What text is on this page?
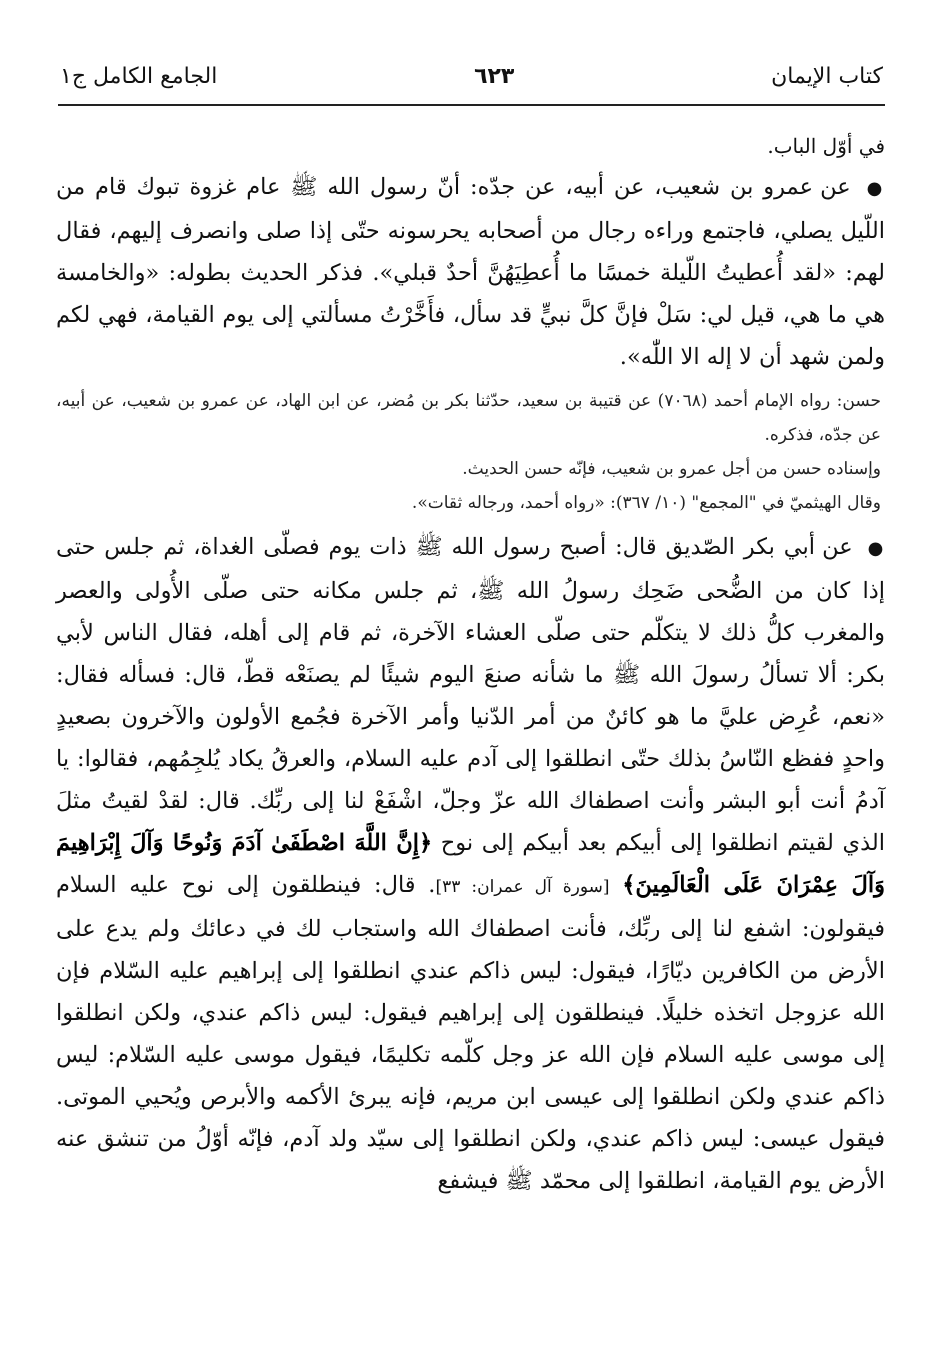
كتاب الإيمان
٦٢٣
الجامع الكامل ج١

في أوّل الباب.

● عن عمرو بن شعيب، عن أبيه، عن جدّه: أنّ رسول الله ﷺ عام غزوة تبوك قام من اللّيل يصلي، فاجتمع وراءه رجال من أصحابه يحرسونه حتّى إذا صلى وانصرف إليهم، فقال لهم: «لقد أُعطيتُ اللّيلة خمسًا ما أُعطِيَهُنَّ أحدٌ قبلي». فذكر الحديث بطوله: «والخامسة هي ما هي، قيل لي: سَلْ فإنَّ كلَّ نبيٍّ قد سأل، فأَخَّرْتُ مسألتي إلى يوم القيامة، فهي لكم ولمن شهد أن لا إله الا اللّٰه».

حسن: رواه الإمام أحمد (٧٠٦٨) عن قتيبة بن سعيد، حدّثنا بكر بن مُضر، عن ابن الهاد، عن عمرو بن شعيب، عن أبيه، عن جدّه، فذكره.

وإسناده حسن من أجل عمرو بن شعيب، فإنّه حسن الحديث.

وقال الهيثميّ في "المجمع" (١٠/ ٣٦٧): «رواه أحمد، ورجاله ثقات».

● عن أبي بكر الصّديق قال: أصبح رسول الله ﷺ ذات يوم فصلّى الغداة، ثم جلس حتى إذا كان من الضُّحى ضَحِك رسولُ الله ﷺ، ثم جلس مكانه حتى صلّى الأُولى والعصر والمغرب كلُّ ذلك لا يتكلّم حتى صلّى العشاء الآخرة، ثم قام إلى أهله، فقال الناس لأبي بكر: ألا تسألُ رسولَ الله ﷺ ما شأنه صنعَ اليوم شيئًا لم يصنَعْه قطّ، قال: فسأله فقال: «نعم، عُرِض عليَّ ما هو كائنٌ من أمر الدّنيا وأمر الآخرة فجُمع الأولون والآخرون بصعيدٍ واحدٍ ففظع النّاسُ بذلك حتّى انطلقوا إلى آدم عليه السلام، والعرقُ يكاد يُلجِمُهم، فقالوا: يا آدمُ أنت أبو البشر وأنت اصطفاك الله عزّ وجلّ، اشْفَعْ لنا إلى ربِّك. قال: لقدْ لقيتُ مثلَ الذي لقيتم انطلقوا إلى أبيكم بعد أبيكم إلى نوح ﴿إِنَّ اللَّهَ اصْطَفَىٰ آدَمَ وَنُوحًا وَآلَ إِبْرَاهِيمَ وَآلَ عِمْرَانَ عَلَى الْعَالَمِينَ﴾ [سورة آل عمران: ٣٣]. قال: فينطلقون إلى نوح عليه السلام فيقولون: اشفع لنا إلى ربِّك، فأنت اصطفاك الله واستجاب لك في دعائك ولم يدع على الأرض من الكافرين ديّارًا، فيقول: ليس ذاكم عندي انطلقوا إلى إبراهيم عليه السّلام فإن الله عزوجل اتخذه خليلًا. فينطلقون إلى إبراهيم فيقول: ليس ذاكم عندي، ولكن انطلقوا إلى موسى عليه السلام فإن الله عز وجل كلّمه تكليمًا، فيقول موسى عليه السّلام: ليس ذاكم عندي ولكن انطلقوا إلى عيسى ابن مريم، فإنه يبرئ الأكمه والأبرص ويُحيي الموتى. فيقول عيسى: ليس ذاكم عندي، ولكن انطلقوا إلى سيّد ولد آدم، فإنّه أوّلُ من تنشق عنه الأرض يوم القيامة، انطلقوا إلى محمّد ﷺ فيشفع
